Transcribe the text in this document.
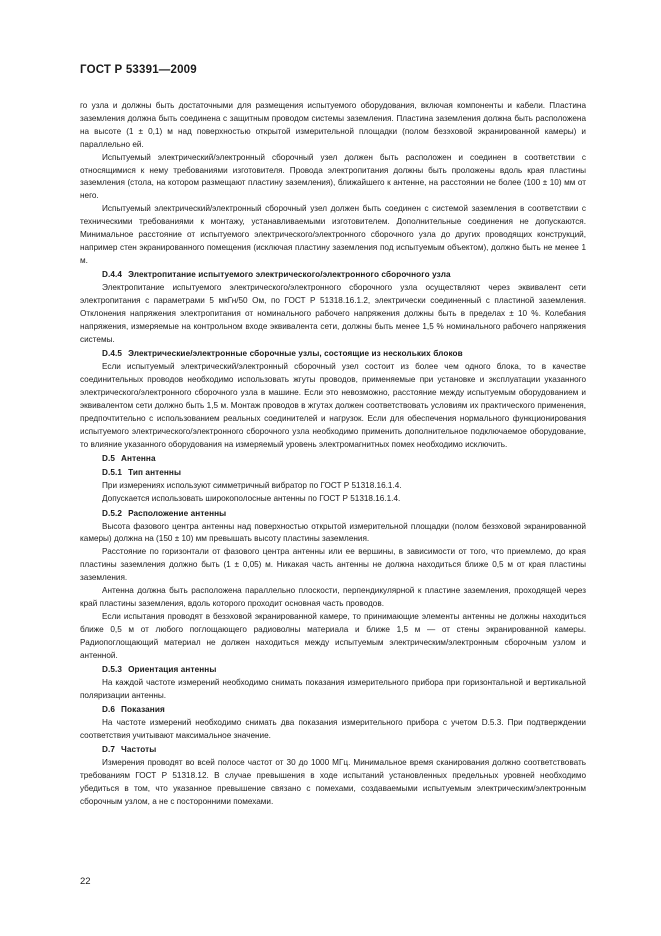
ГОСТ Р 53391—2009

го узла и должны быть достаточными для размещения испытуемого оборудования, включая компоненты и кабели. Пластина заземления должна быть соединена с защитным проводом системы заземления. Пластина заземления должна быть расположена на высоте (1 ± 0,1) м над поверхностью открытой измерительной площадки (полом безэховой экранированной камеры) и параллельно ей.

Испытуемый электрический/электронный сборочный узел должен быть расположен и соединен в соответствии с относящимися к нему требованиями изготовителя. Провода электропитания должны быть проложены вдоль края пластины заземления (стола, на котором размещают пластину заземления), ближайшего к антенне, на расстоянии не более (100 ± 10) мм от него.

Испытуемый электрический/электронный сборочный узел должен быть соединен с системой заземления в соответствии с техническими требованиями к монтажу, устанавливаемыми изготовителем. Дополнительные соединения не допускаются. Минимальное расстояние от испытуемого электрического/электронного сборочного узла до других проводящих конструкций, например стен экранированного помещения (исключая пластину заземления под испытуемым объектом), должно быть не менее 1 м.

D.4.4 Электропитание испытуемого электрического/электронного сборочного узла

Электропитание испытуемого электрического/электронного сборочного узла осуществляют через эквивалент сети электропитания с параметрами 5 мкГн/50 Ом, по ГОСТ Р 51318.16.1.2, электрически соединенный с пластиной заземления. Отклонения напряжения электропитания от номинального рабочего напряжения должны быть в пределах ± 10 %. Колебания напряжения, измеряемые на контрольном входе эквивалента сети, должны быть менее 1,5 % номинального рабочего напряжения системы.

D.4.5 Электрические/электронные сборочные узлы, состоящие из нескольких блоков

Если испытуемый электрический/электронный сборочный узел состоит из более чем одного блока, то в качестве соединительных проводов необходимо использовать жгуты проводов, применяемые при установке и эксплуатации указанного электрического/электронного сборочного узла в машине. Если это невозможно, расстояние между испытуемым оборудованием и эквивалентом сети должно быть 1,5 м. Монтаж проводов в жгутах должен соответствовать условиям их практического применения, предпочтительно с использованием реальных соединителей и нагрузок. Если для обеспечения нормального функционирования испытуемого электрического/электронного сборочного узла необходимо применить дополнительное подключаемое оборудование, то влияние указанного оборудования на измеряемый уровень электромагнитных помех необходимо исключить.

D.5 Антенна

D.5.1 Тип антенны

При измерениях используют симметричный вибратор по ГОСТ Р 51318.16.1.4.

Допускается использовать широкополосные антенны по ГОСТ Р 51318.16.1.4.

D.5.2 Расположение антенны

Высота фазового центра антенны над поверхностью открытой измерительной площадки (полом безэховой экранированной камеры) должна на (150 ± 10) мм превышать высоту пластины заземления.

Расстояние по горизонтали от фазового центра антенны или ее вершины, в зависимости от того, что приемлемо, до края пластины заземления должно быть (1 ± 0,05) м. Никакая часть антенны не должна находиться ближе 0,5 м от края пластины заземления.

Антенна должна быть расположена параллельно плоскости, перпендикулярной к пластине заземления, проходящей через край пластины заземления, вдоль которого проходит основная часть проводов.

Если испытания проводят в безэховой экранированной камере, то принимающие элементы антенны не должны находиться ближе 0,5 м от любого поглощающего радиоволны материала и ближе 1,5 м — от стены экранированной камеры. Радиопоглощающий материал не должен находиться между испытуемым электрическим/электронным сборочным узлом и антенной.

D.5.3 Ориентация антенны

На каждой частоте измерений необходимо снимать показания измерительного прибора при горизонтальной и вертикальной поляризации антенны.

D.6 Показания

На частоте измерений необходимо снимать два показания измерительного прибора с учетом D.5.3. При подтверждении соответствия учитывают максимальное значение.

D.7 Частоты

Измерения проводят во всей полосе частот от 30 до 1000 МГц. Минимальное время сканирования должно соответствовать требованиям ГОСТ Р 51318.12. В случае превышения в ходе испытаний установленных предельных уровней необходимо убедиться в том, что указанное превышение связано с помехами, создаваемыми испытуемым электрическим/электронным сборочным узлом, а не с посторонними помехами.

22
